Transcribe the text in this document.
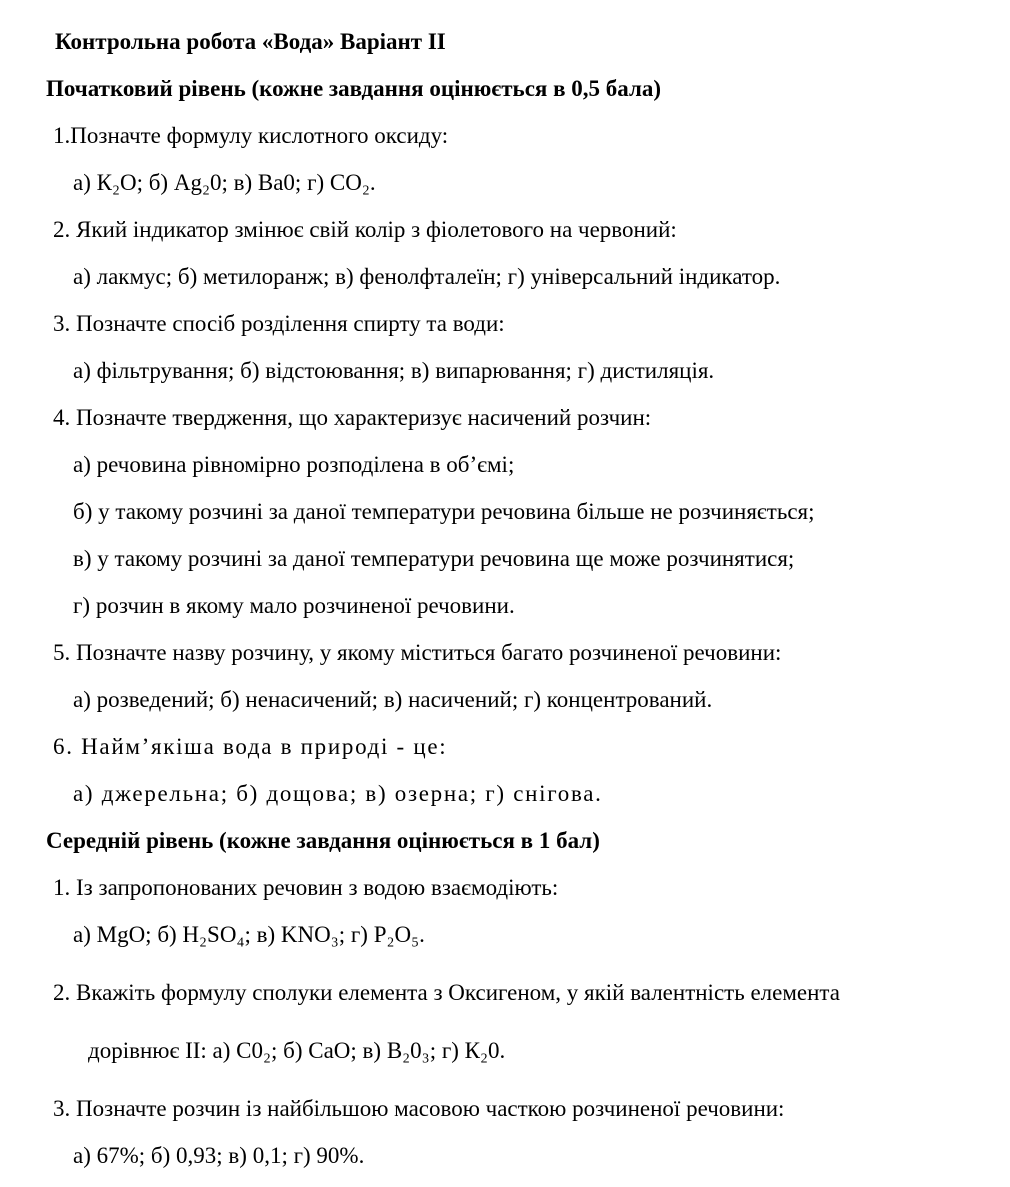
Контрольна робота «Вода» Варіант ІІ

Початковий рівень (кожне завдання оцінюється в 0,5 бала)

1.Позначте формулу кислотного оксиду:

а) К₂О; б) Ag₂0; в) Ва0; г) СО₂.

2. Який індикатор змінює свій колір з фіолетового на червоний:

а) лакмус; б) метилоранж; в) фенолфталеїн; г) універсальний індикатор.

3. Позначте спосіб розділення спирту та води:

а) фільтрування; б) відстоювання; в) випарювання; г) дистиляція.

4. Позначте твердження, що характеризує насичений розчин:

а) речовина рівномірно розподілена в об’ємі;

б) у такому розчині за даної температури речовина більше не розчиняється;

в) у такому розчині за даної температури речовина ще може розчинятися;

г) розчин в якому мало розчиненої речовини.

5. Позначте назву розчину, у якому міститься багато розчиненої речовини:

а) розведений; б) ненасичений; в) насичений; г) концентрований.

6. Найм’якіша вода в природі - це:

а) джерельна; б) дощова; в) озерна; г) снігова.

Середній рівень (кожне завдання оцінюється в 1 бал)

1. Із запропонованих речовин з водою взаємодіють:

а) MgO; б) H₂SO₄; в) KNO₃; г) P₂O₅.

2. Вкажіть формулу сполуки елемента з Оксигеном, у якій валентність елемента

дорівнює ІІ: а) С0₂; б) СаО; в) В₂0₃; г) К₂0.

3. Позначте розчин із найбільшою масовою часткою розчиненої речовини:

а) 67%; б) 0,93; в) 0,1; г) 90%.
